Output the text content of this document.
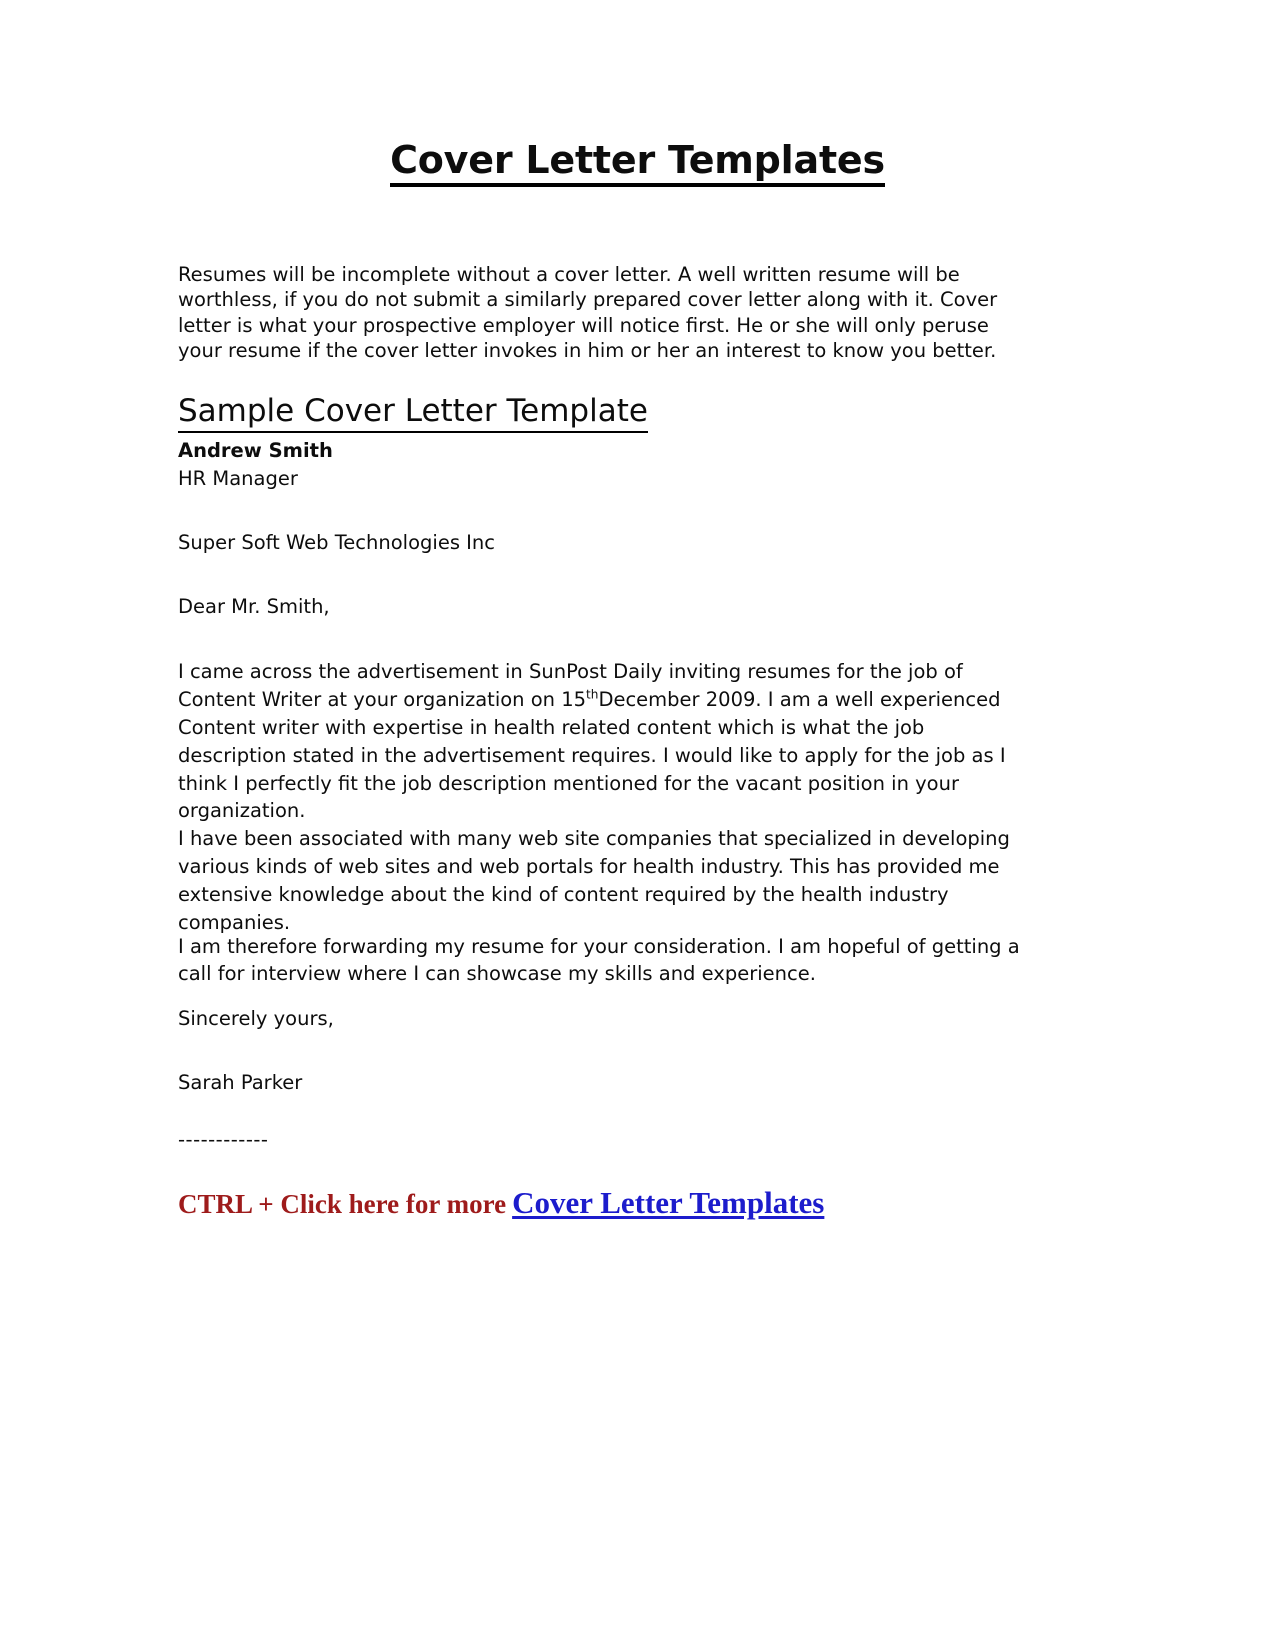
Cover Letter Templates
Resumes will be incomplete without a cover letter. A well written resume will be worthless, if you do not submit a similarly prepared cover letter along with it. Cover letter is what your prospective employer will notice first. He or she will only peruse your resume if the cover letter invokes in him or her an interest to know you better.
Sample Cover Letter Template
Andrew Smith
HR Manager
Super Soft Web Technologies Inc
Dear Mr. Smith,

I came across the advertisement in SunPost Daily inviting resumes for the job of Content Writer at your organization on 15thDecember 2009. I am a well experienced Content writer with expertise in health related content which is what the job description stated in the advertisement requires. I would like to apply for the job as I think I perfectly fit the job description mentioned for the vacant position in your organization.

I have been associated with many web site companies that specialized in developing various kinds of web sites and web portals for health industry. This has provided me extensive knowledge about the kind of content required by the health industry companies.

I am therefore forwarding my resume for your consideration. I am hopeful of getting a call for interview where I can showcase my skills and experience.

Sincerely yours,
Sarah Parker
------------
CTRL + Click here for more Cover Letter Templates
